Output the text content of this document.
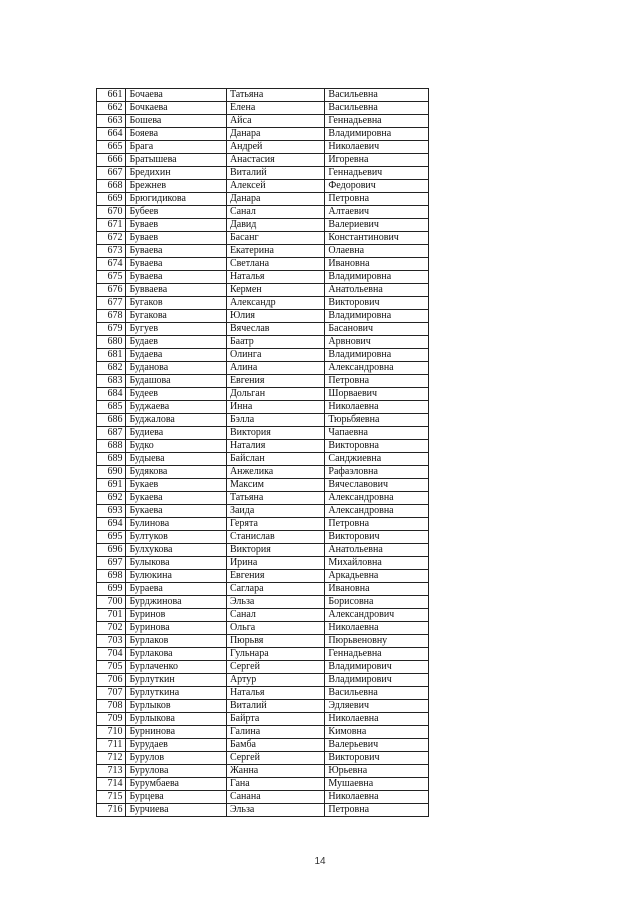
661	Бочаева	Татьяна	Васильевна
662	Бочкаева	Елена	Васильевна
663	Бошева	Айса	Геннадьевна
664	Бояева	Данара	Владимировна
665	Брага	Андрей	Николаевич
666	Братышева	Анастасия	Игоревна
667	Бредихин	Виталий	Геннадьевич
668	Брежнев	Алексей	Федорович
669	Брюгидикова	Данара	Петровна
670	Бубеев	Санал	Алтаевич
671	Буваев	Давид	Валериевич
672	Буваев	Басанг	Константинович
673	Буваева	Екатерина	Олаевна
674	Буваева	Светлана	Ивановна
675	Буваева	Наталья	Владимировна
676	Бувваева	Кермен	Анатольевна
677	Бугаков	Александр	Викторович
678	Бугакова	Юлия	Владимировна
679	Бугуев	Вячеслав	Басанович
680	Будаев	Баатр	Арвнович
681	Будаева	Олинга	Владимировна
682	Буданова	Алина	Александровна
683	Будашова	Евгения	Петровна
684	Будеев	Дольган	Шорваевич
685	Буджаева	Инна	Николаевна
686	Буджалова	Бэлла	Тюрьбяевна
687	Будиева	Виктория	Чапаевна
688	Будко	Наталия	Викторовна
689	Будыева	Байслан	Санджиевна
690	Будякова	Анжелика	Рафаэловна
691	Букаев	Максим	Вячеславович
692	Букаева	Татьяна	Александровна
693	Букаева	Заида	Александровна
694	Булинова	Герята	Петровна
695	Бултуков	Станислав	Викторович
696	Булхукова	Виктория	Анатольевна
697	Булыкова	Ирина	Михайловна
698	Булюкина	Евгения	Аркадьевна
699	Бураева	Саглара	Ивановна
700	Бурджинова	Эльза	Борисовна
701	Буринов	Санал	Александрович
702	Буринова	Ольга	Николаевна
703	Бурлаков	Пюрьвя	Пюрьвеновну
704	Бурлакова	Гульнара	Геннадьевна
705	Бурлаченко	Сергей	Владимирович
706	Бурлуткин	Артур	Владимирович
707	Бурлуткина	Наталья	Васильевна
708	Бурлыков	Виталий	Эдляевич
709	Бурлыкова	Байрта	Николаевна
710	Бурнинова	Галина	Кимовна
711	Бурудаев	Бамба	Валерьевич
712	Бурулов	Сергей	Викторович
713	Бурулова	Жанна	Юрьевна
714	Бурумбаева	Гана	Мушаевна
715	Бурцева	Санана	Николаевна
716	Бурчиева	Эльза	Петровна
14
